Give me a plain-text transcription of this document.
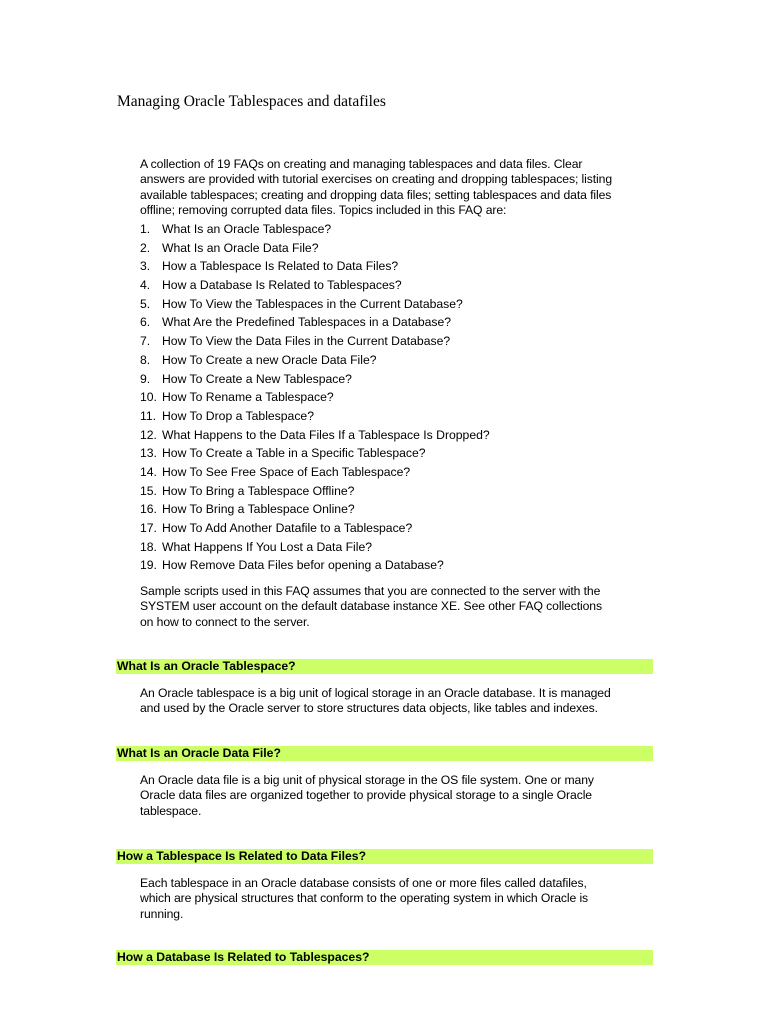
Managing Oracle Tablespaces and datafiles

A collection of 19 FAQs on creating and managing tablespaces and data files. Clear
answers are provided with tutorial exercises on creating and dropping tablespaces; listing
available tablespaces; creating and dropping data files; setting tablespaces and data files
offline; removing corrupted data files. Topics included in this FAQ are:

1. What Is an Oracle Tablespace?
2. What Is an Oracle Data File?
3. How a Tablespace Is Related to Data Files?
4. How a Database Is Related to Tablespaces?
5. How To View the Tablespaces in the Current Database?
6. What Are the Predefined Tablespaces in a Database?
7. How To View the Data Files in the Current Database?
8. How To Create a new Oracle Data File?
9. How To Create a New Tablespace?
10. How To Rename a Tablespace?
11. How To Drop a Tablespace?
12. What Happens to the Data Files If a Tablespace Is Dropped?
13. How To Create a Table in a Specific Tablespace?
14. How To See Free Space of Each Tablespace?
15. How To Bring a Tablespace Offline?
16. How To Bring a Tablespace Online?
17. How To Add Another Datafile to a Tablespace?
18. What Happens If You Lost a Data File?
19. How Remove Data Files befor opening a Database?
Sample scripts used in this FAQ assumes that you are connected to the server with the
SYSTEM user account on the default database instance XE. See other FAQ collections
on how to connect to the server.
What Is an Oracle Tablespace?
An Oracle tablespace is a big unit of logical storage in an Oracle database. It is managed
and used by the Oracle server to store structures data objects, like tables and indexes.
What Is an Oracle Data File?
An Oracle data file is a big unit of physical storage in the OS file system. One or many
Oracle data files are organized together to provide physical storage to a single Oracle
tablespace.
How a Tablespace Is Related to Data Files?
Each tablespace in an Oracle database consists of one or more files called datafiles,
which are physical structures that conform to the operating system in which Oracle is
running.
How a Database Is Related to Tablespaces?
